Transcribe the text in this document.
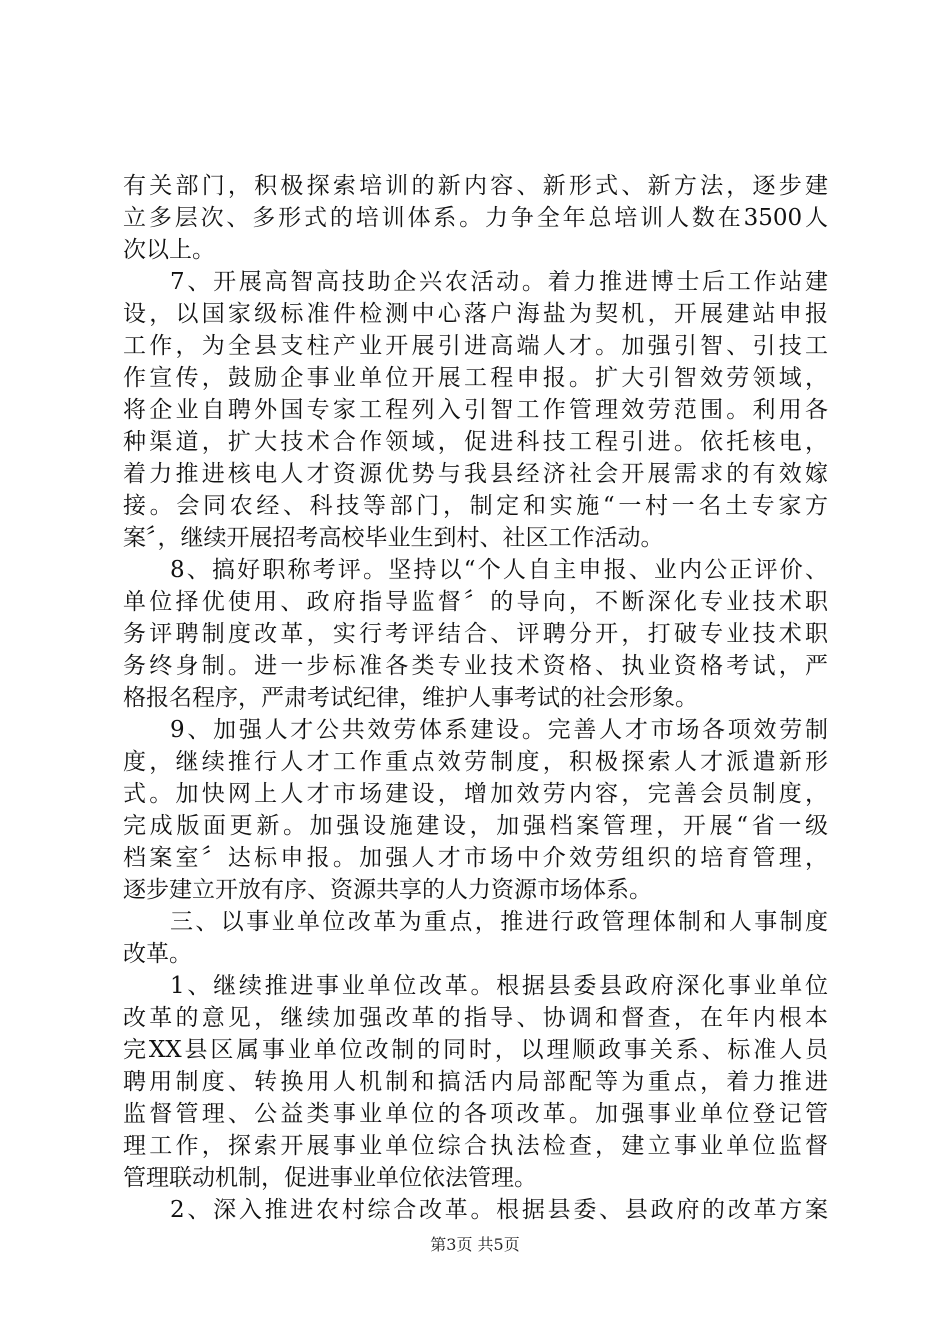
有关部门，积极探索培训的新内容、新形式、新方法，逐步建
立多层次、多形式的培训体系。力争全年总培训人数在3500人
次以上。
7、开展高智高技助企兴农活动。着力推进博士后工作站建
设，以国家级标准件检测中心落户海盐为契机，开展建站申报
工作，为全县支柱产业开展引进高端人才。加强引智、引技工
作宣传，鼓励企事业单位开展工程申报。扩大引智效劳领域，
将企业自聘外国专家工程列入引智工作管理效劳范围。利用各
种渠道，扩大技术合作领域，促进科技工程引进。依托核电，
着力推进核电人才资源优势与我县经济社会开展需求的有效嫁
接。会同农经、科技等部门，制定和实施“一村一名土专家方
案〞，继续开展招考高校毕业生到村、社区工作活动。
8、搞好职称考评。坚持以“个人自主申报、业内公正评价、
单位择优使用、政府指导监督〞的导向，不断深化专业技术职
务评聘制度改革，实行考评结合、评聘分开，打破专业技术职
务终身制。进一步标准各类专业技术资格、执业资格考试，严
格报名程序，严肃考试纪律，维护人事考试的社会形象。
9、加强人才公共效劳体系建设。完善人才市场各项效劳制
度，继续推行人才工作重点效劳制度，积极探索人才派遣新形
式。加快网上人才市场建设，增加效劳内容，完善会员制度，
完成版面更新。加强设施建设，加强档案管理，开展“省一级
档案室〞达标申报。加强人才市场中介效劳组织的培育管理，
逐步建立开放有序、资源共享的人力资源市场体系。
三、以事业单位改革为重点，推进行政管理体制和人事制度
改革。
1、继续推进事业单位改革。根据县委县政府深化事业单位
改革的意见，继续加强改革的指导、协调和督查，在年内根本
完XX县区属事业单位改制的同时，以理顺政事关系、标准人员
聘用制度、转换用人机制和搞活内局部配等为重点，着力推进
监督管理、公益类事业单位的各项改革。加强事业单位登记管
理工作，探索开展事业单位综合执法检查，建立事业单位监督
管理联动机制，促进事业单位依法管理。
2、深入推进农村综合改革。根据县委、县政府的改革方案
第3页 共5页
